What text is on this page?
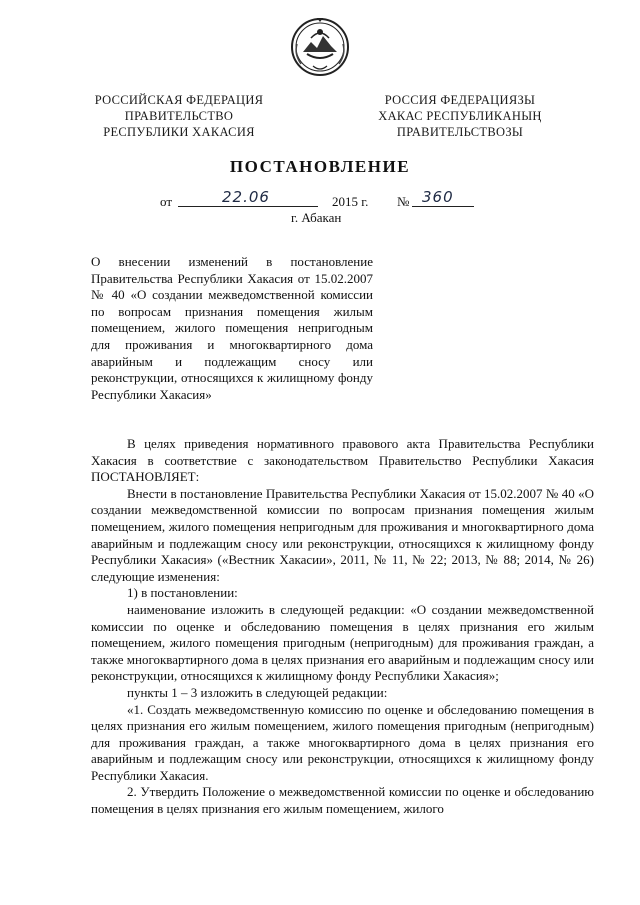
РОССИЙСКАЯ ФЕДЕРАЦИЯ
ПРАВИТЕЛЬСТВО
РЕСПУБЛИКИ ХАКАСИЯ
РОССИЯ ФЕДЕРАЦИЯЗЫ
ХАКАС РЕСПУБЛИКАНЫҢ
ПРАВИТЕЛЬСТВОЗЫ
ПОСТАНОВЛЕНИЕ
от	22.06	2015 г. № 360
г. Абакан
О внесении изменений в постановление Правительства Республики Хакасия от 15.02.2007 № 40 «О создании межведомственной комиссии по вопросам признания помещения жилым помещением, жилого помещения непригодным для проживания и многоквартирного дома аварийным и подлежащим сносу или реконструкции, относящихся к жилищному фонду Республики Хакасия»

В целях приведения нормативного правового акта Правительства Республики Хакасия в соответствие с законодательством Правительство Республики Хакасия ПОСТАНОВЛЯЕТ:

Внести в постановление Правительства Республики Хакасия от 15.02.2007 № 40 «О создании межведомственной комиссии по вопросам признания помещения жилым помещением, жилого помещения непригодным для проживания и многоквартирного дома аварийным и подлежащим сносу или реконструкции, относящихся к жилищному фонду Республики Хакасия» («Вестник Хакасии», 2011, № 11, № 22; 2013, № 88; 2014, № 26) следующие изменения:

1) в постановлении:

наименование изложить в следующей редакции: «О создании межведомственной комиссии по оценке и обследованию помещения в целях признания его жилым помещением, жилого помещения пригодным (непригодным) для проживания граждан, а также многоквартирного дома в целях признания его аварийным и подлежащим сносу или реконструкции, относящихся к жилищному фонду Республики Хакасия»;

пункты 1 – 3 изложить в следующей редакции:

«1. Создать межведомственную комиссию по оценке и обследованию помещения в целях признания его жилым помещением, жилого помещения пригодным (непригодным) для проживания граждан, а также многоквартирного дома в целях признания его аварийным и подлежащим сносу или реконструкции, относящихся к жилищному фонду Республики Хакасия.

2. Утвердить Положение о межведомственной комиссии по оценке и обследованию помещения в целях признания его жилым помещением, жилого
